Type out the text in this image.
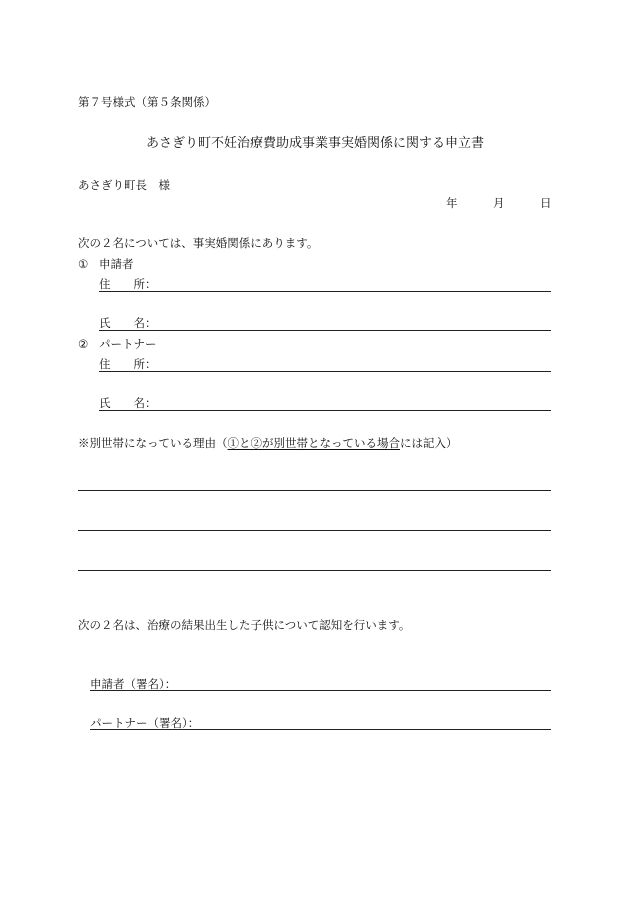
第７号様式（第５条関係）
あさぎり町不妊治療費助成事業事実婚関係に関する申立書
あさぎり町長　様
年	月	日
次の２名については、事実婚関係にあります。
① 申請者
住　　所：
氏　　名：
② パートナー
住　　所：
氏　　名：
※別世帯になっている理由（①と②が別世帯となっている場合には記入）
次の２名は、治療の結果出生した子供について認知を行います。
申請者（署名）：
パートナー（署名）：
